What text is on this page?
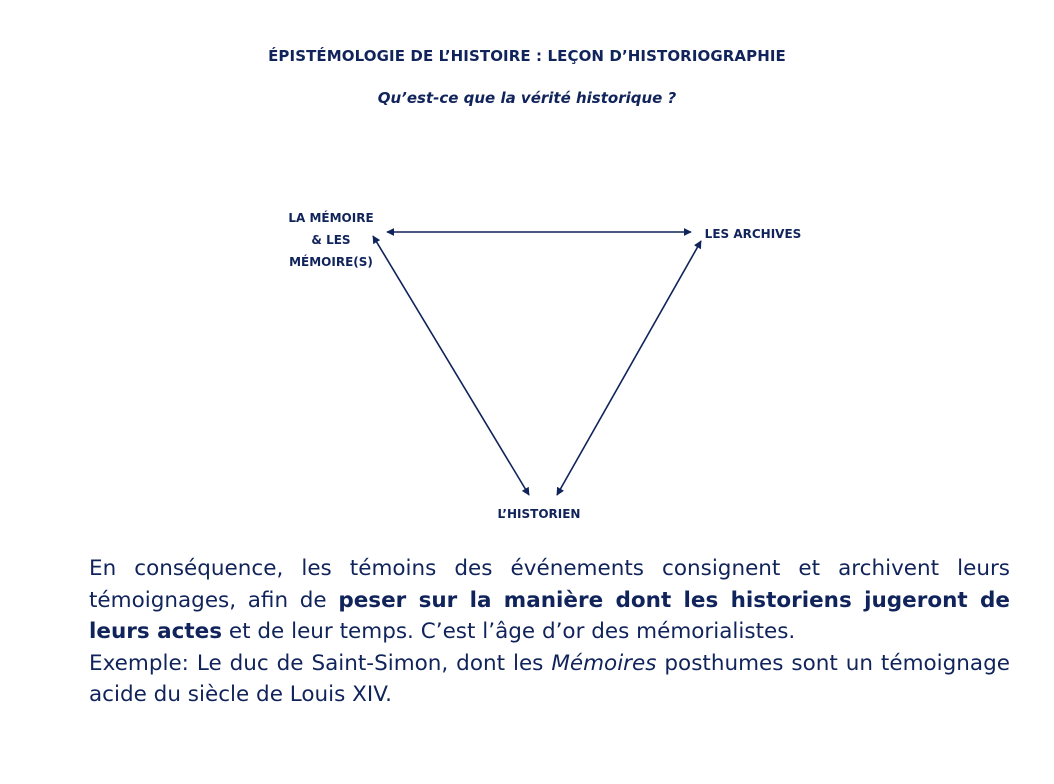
ÉPISTÉMOLOGIE DE L’HISTOIRE : LEÇON D’HISTORIOGRAPHIE
Qu’est-ce que la vérité historique ?
LA MÉMOIRE
& LES
MÉMOIRE(S)
LES ARCHIVES
L’HISTORIEN

En conséquence, les témoins des événements consignent et archivent leurs témoignages, afin de peser sur la manière dont les historiens jugeront de leurs actes et de leur temps. C’est l’âge d’or des mémorialistes.

Exemple: Le duc de Saint-Simon, dont les Mémoires posthumes sont un témoignage acide du siècle de Louis XIV.
